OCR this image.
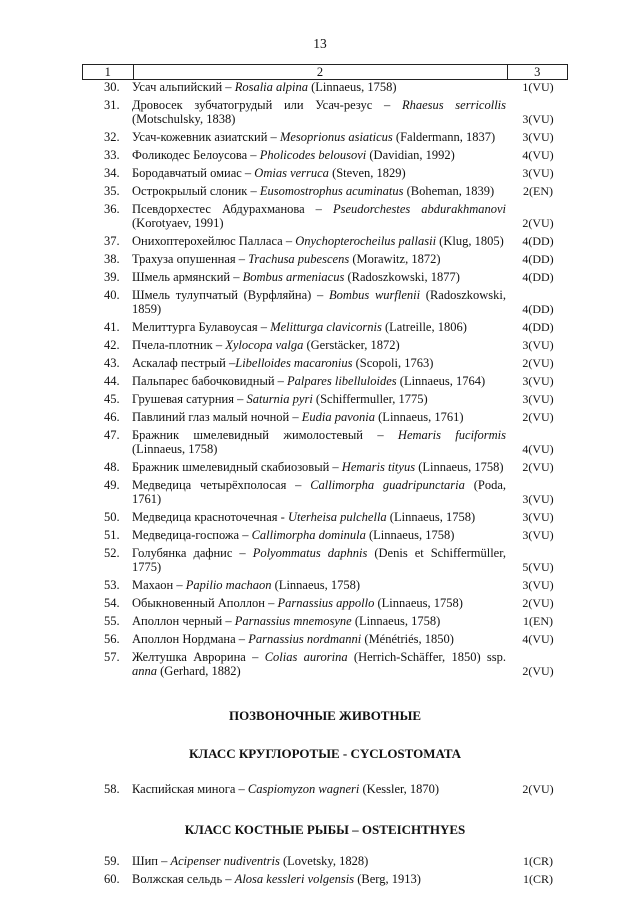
13
1	2	3
30. Усач альпийский – Rosalia alpina (Linnaeus, 1758)	1(VU)
31. Дровосек зубчатогрудый или Усач-резус – Rhaesus serricollis (Motschulsky, 1838)	3(VU)
32. Усач-кожевник азиатский – Mesoprionus asiaticus (Faldermann, 1837)	3(VU)
33. Фоликодес Белоусова – Pholicodes belousovi (Davidian, 1992)	4(VU)
34. Бородавчатый омиас – Omias verruca (Steven, 1829)	3(VU)
35. Острокрылый слоник – Eusomostrophus acuminatus (Boheman, 1839)	2(EN)
36. Псевдорхестес Абдурахманова – Pseudorchestes abdurakhmanovi (Korotyaev, 1991)	2(VU)
37. Онихоптерохейлюс Палласа – Onychopterocheilus pallasii (Klug, 1805)	4(DD)
38. Трахуза опушенная – Trachusa pubescens (Morawitz, 1872)	4(DD)
39. Шмель армянский – Bombus armeniacus (Radoszkowski, 1877)	4(DD)
40. Шмель тулупчатый (Вурфляйна) – Bombus wurflenii (Radoszkowski, 1859)	4(DD)
41. Мелиттурга Булавоусая – Melitturga clavicornis (Latreille, 1806)	4(DD)
42. Пчела-плотник – Xylocopa valga (Gerstäcker, 1872)	3(VU)
43. Аскалаф пестрый –Libelloides macaronius (Scopoli, 1763)	2(VU)
44. Пальпарес бабочковидный – Palpares libelluloides (Linnaeus, 1764)	3(VU)
45. Грушевая сатурния – Saturnia pyri (Schiffermuller, 1775)	3(VU)
46. Павлиний глаз малый ночной – Eudia pavonia (Linnaeus, 1761)	2(VU)
47. Бражник шмелевидный жимолостевый – Hemaris fuciformis (Linnaeus, 1758)	4(VU)
48. Бражник шмелевидный скабиозовый – Hemaris tityus (Linnaeus, 1758)	2(VU)
49. Медведица четырёхполосая – Callimorpha guadripunctaria (Poda, 1761)	3(VU)
50. Медведица красноточечная - Uterheisa pulchella (Linnaeus, 1758)	3(VU)
51. Медведица-госпожа – Callimorpha dominula (Linnaeus, 1758)	3(VU)
52. Голубянка дафнис – Polyommatus daphnis (Denis et Schiffermüller, 1775)	5(VU)
53. Махаон – Papilio machaon (Linnaeus, 1758)	3(VU)
54. Обыкновенный Аполлон – Parnassius appollo (Linnaeus, 1758)	2(VU)
55. Аполлон черный – Parnassius mnemosyne (Linnaeus, 1758)	1(EN)
56. Аполлон Нордмана – Parnassius nordmanni (Ménétriés, 1850)	4(VU)
57. Желтушка Аврорина – Colias aurorina (Herrich-Schäffer, 1850) ssp. anna (Gerhard, 1882)	2(VU)
ПОЗВОНОЧНЫЕ ЖИВОТНЫЕ
КЛАСС КРУГЛОРОТЫЕ - CYCLOSTOMATA
58. Каспийская минога – Caspiomyzon wagneri (Kessler, 1870)	2(VU)
КЛАСС КОСТНЫЕ РЫБЫ – OSTEICHTHYES
59. Шип – Acipenser nudiventris (Lovetsky, 1828)	1(CR)
60. Волжская сельдь – Alosa kessleri volgensis (Berg, 1913)	1(CR)
